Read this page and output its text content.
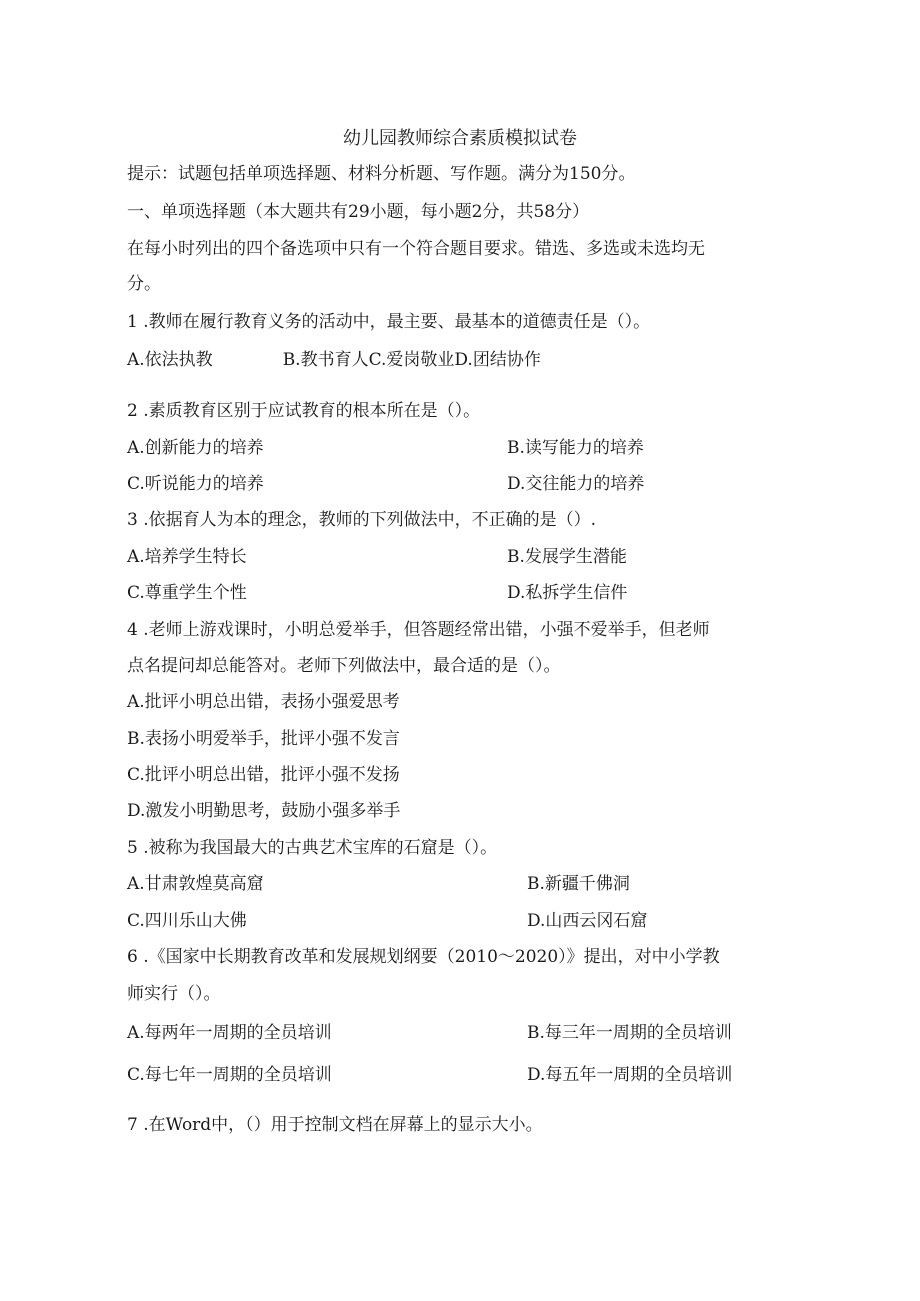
幼儿园教师综合素质模拟试卷
提示：试题包括单项选择题、材料分析题、写作题。满分为150分。
一、单项选择题（本大题共有29小题，每小题2分，共58分）
在每小时列出的四个备选项中只有一个符合题目要求。错选、多选或未选均无
分。
1 .教师在履行教育义务的活动中，最主要、最基本的道德责任是（）。
A.依法执教	B.教书育人C.爱岗敬业D.团结协作
2 .素质教育区别于应试教育的根本所在是（）。
A.创新能力的培养	B.读写能力的培养
C.听说能力的培养	D.交往能力的培养
3 .依据育人为本的理念，教师的下列做法中，不正确的是（）.
A.培养学生特长	B.发展学生潜能
C.尊重学生个性	D.私拆学生信件
4 .老师上游戏课时，小明总爱举手，但答题经常出错，小强不爱举手，但老师
点名提问却总能答对。老师下列做法中，最合适的是（）。
A.批评小明总出错，表扬小强爱思考
B.表扬小明爱举手，批评小强不发言
C.批评小明总出错，批评小强不发扬
D.激发小明勤思考，鼓励小强多举手
5 .被称为我国最大的古典艺术宝库的石窟是（）。
A.甘肃敦煌莫高窟	B.新疆千佛洞
C.四川乐山大佛	D.山西云冈石窟
6 .《国家中长期教育改革和发展规划纲要（2010～2020）》提出，对中小学教
师实行（）。
A.每两年一周期的全员培训	B.每三年一周期的全员培训
C.每七年一周期的全员培训	D.每五年一周期的全员培训
7 .在Word中，（）用于控制文档在屏幕上的显示大小。
